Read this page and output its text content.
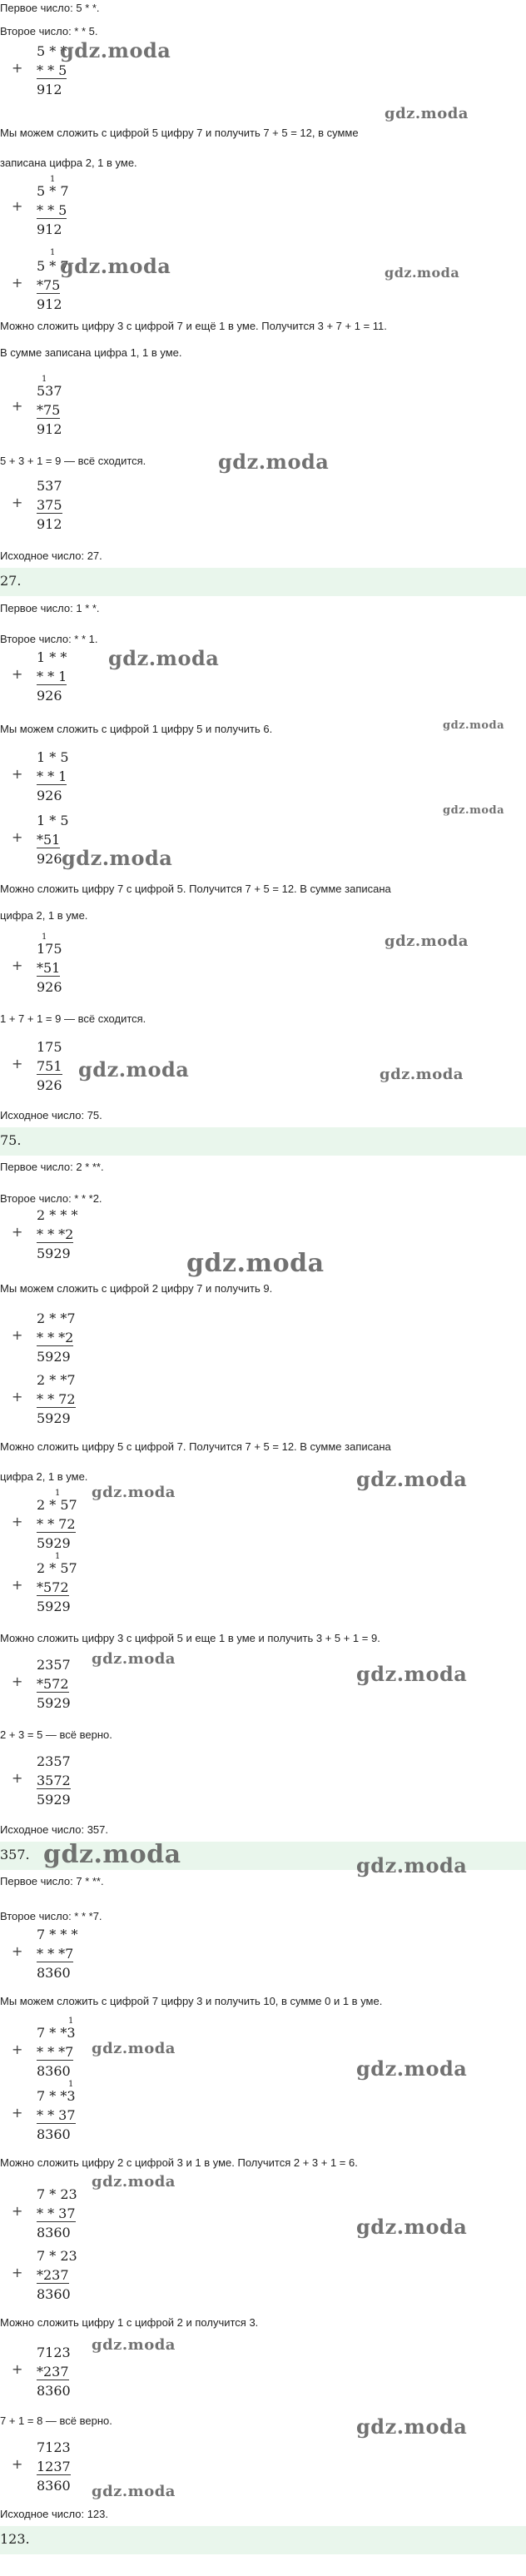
Первое число: 5 * *.
Второе число: * * 5.
+
5 * *
* * 5
912
Мы можем сложить с цифрой 5 цифру 7 и получить 7 + 5 = 12, в сумме
записана цифра 2, 1 в уме.
+
1
5 * 7
* * 5
912
+
1
5 * 7
*75
912
Можно сложить цифру 3 с цифрой 7 и ещё 1 в уме. Получится 3 + 7 + 1 = 11.
В сумме записана цифра 1, 1 в уме.
+
1
537
*75
912
5 + 3 + 1 = 9 — всё сходится.
+
537
375
912
Исходное число: 27.
27.
Первое число: 1 * *.
Второе число: * * 1.
+
1 * *
* * 1
926
Мы можем сложить с цифрой 1 цифру 5 и получить 6.
+
1 * 5
* * 1
926
+
1 * 5
*51
926
Можно сложить цифру 7 с цифрой 5. Получится 7 + 5 = 12. В сумме записана
цифра 2, 1 в уме.
+
1
175
*51
926
1 + 7 + 1 = 9 — всё сходится.
+
175
751
926
Исходное число: 75.
75.
Первое число: 2 * **.
Второе число: * * *2.
+
2 * * *
* * *2
5929
Мы можем сложить с цифрой 2 цифру 7 и получить 9.
+
2 * *7
* * *2
5929
+
2 * *7
* * 72
5929
Можно сложить цифру 5 с цифрой 7. Получится 7 + 5 = 12. В сумме записана
цифра 2, 1 в уме.
+
1
2 * 57
* * 72
5929
+
1
2 * 57
*572
5929
Можно сложить цифру 3 с цифрой 5 и еще 1 в уме и получить 3 + 5 + 1 = 9.
+
2357
*572
5929
2 + 3 = 5 — всё верно.
+
2357
3572
5929
Исходное число: 357.
357.
Первое число: 7 * **.
Второе число: * * *7.
+
7 * * *
* * *7
8360
Мы можем сложить с цифрой 7 цифру 3 и получить 10, в сумме 0 и 1 в уме.
+
1
7 * *3
* * *7
8360
+
1
7 * *3
* * 37
8360
Можно сложить цифру 2 с цифрой 3 и 1 в уме. Получится 2 + 3 + 1 = 6.
+
7 * 23
* * 37
8360
+
7 * 23
*237
8360
Можно сложить цифру 1 с цифрой 2 и получится 3.
+
7123
*237
8360
7 + 1 = 8 — всё верно.
+
7123
1237
8360
Исходное число: 123.
123.
gdz.moda
gdz.moda
gdz.moda	gdz.moda
gdz.moda
gdz.moda
gdz.moda
gdz.moda
gdz.moda
gdz.moda
gdz.moda	gdz.moda
gdz.moda
gdz.moda
gdz.moda
gdz.moda
gdz.moda
gdz.moda	gdz.moda
gdz.moda
gdz.moda
gdz.moda
gdz.moda
gdz.moda
gdz.moda
gdz.moda
